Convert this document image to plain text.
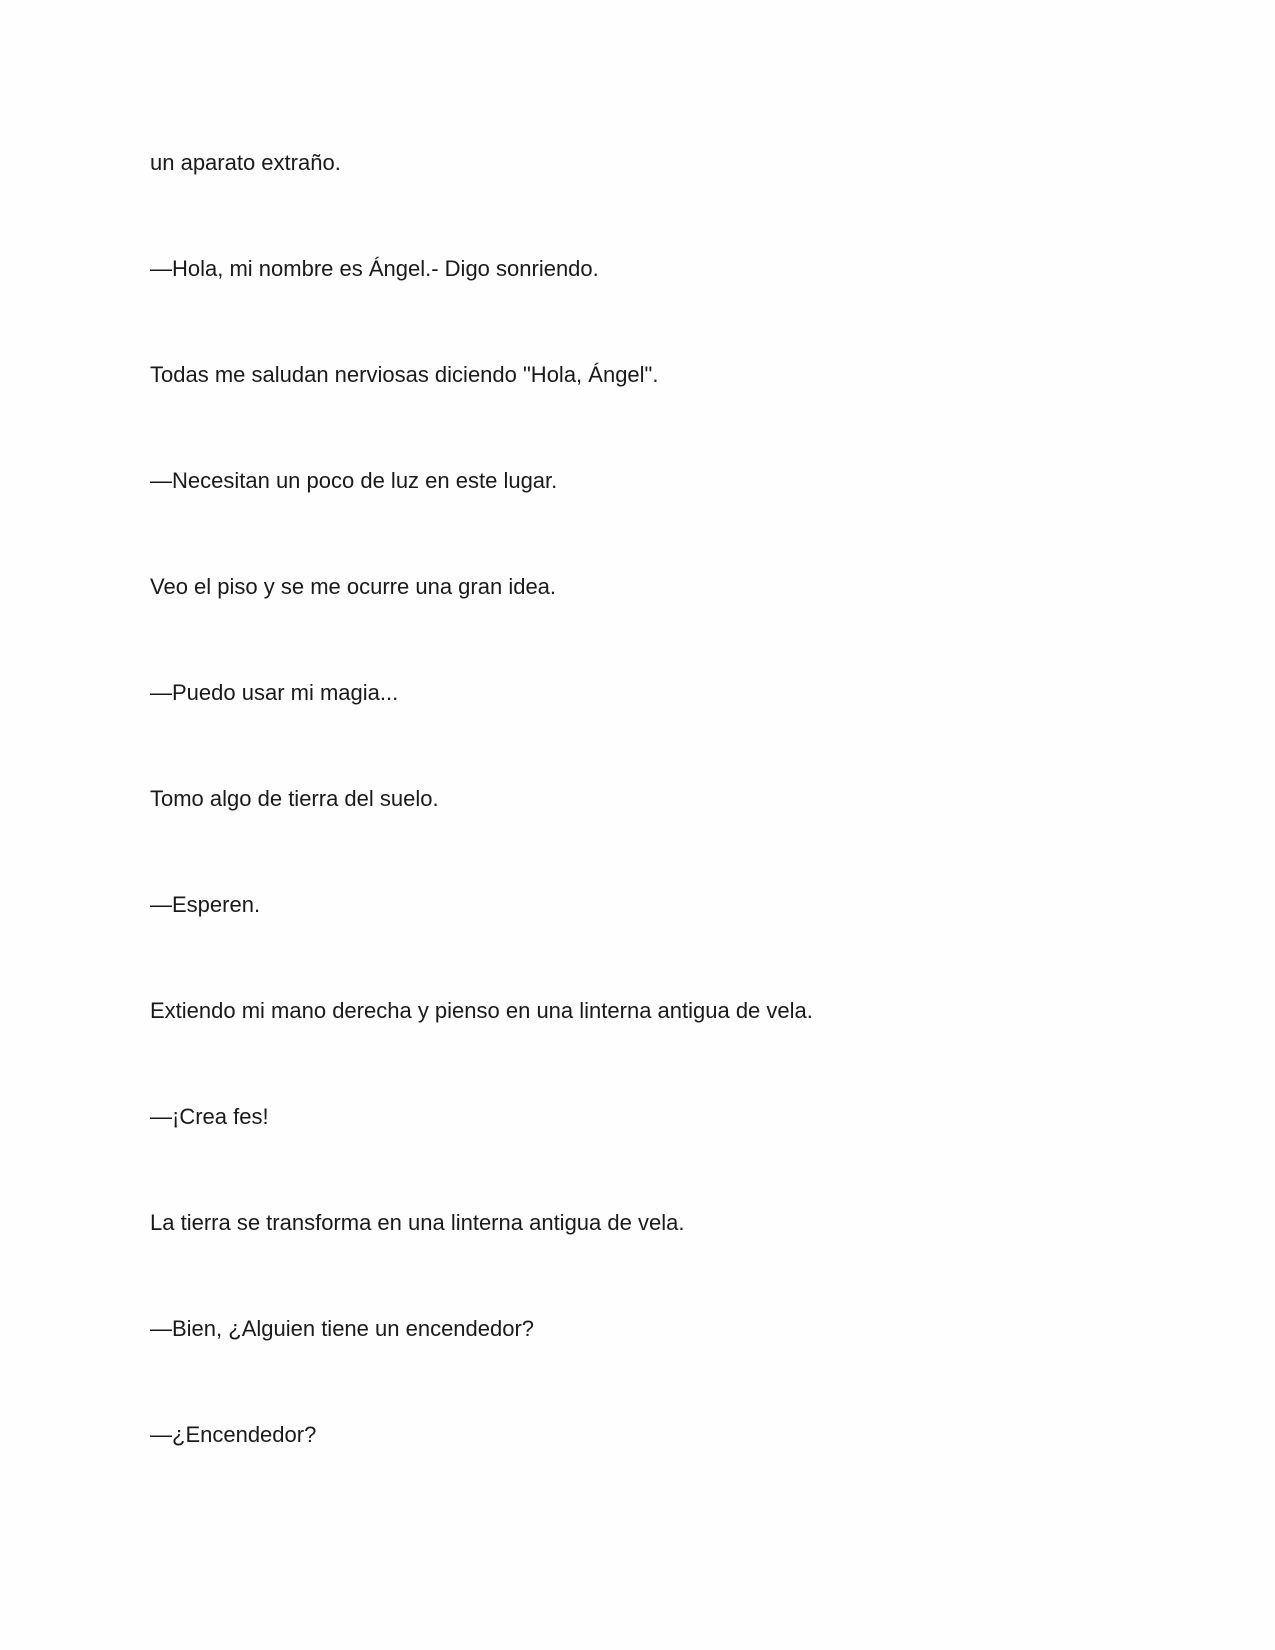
un aparato extraño.

—Hola, mi nombre es Ángel.- Digo sonriendo.

Todas me saludan nerviosas diciendo "Hola, Ángel".

—Necesitan un poco de luz en este lugar.

Veo el piso y se me ocurre una gran idea.

—Puedo usar mi magia...

Tomo algo de tierra del suelo.

—Esperen.

Extiendo mi mano derecha y pienso en una linterna antigua de vela.

—¡Crea fes!

La tierra se transforma en una linterna antigua de vela.

—Bien, ¿Alguien tiene un encendedor?

—¿Encendedor?
